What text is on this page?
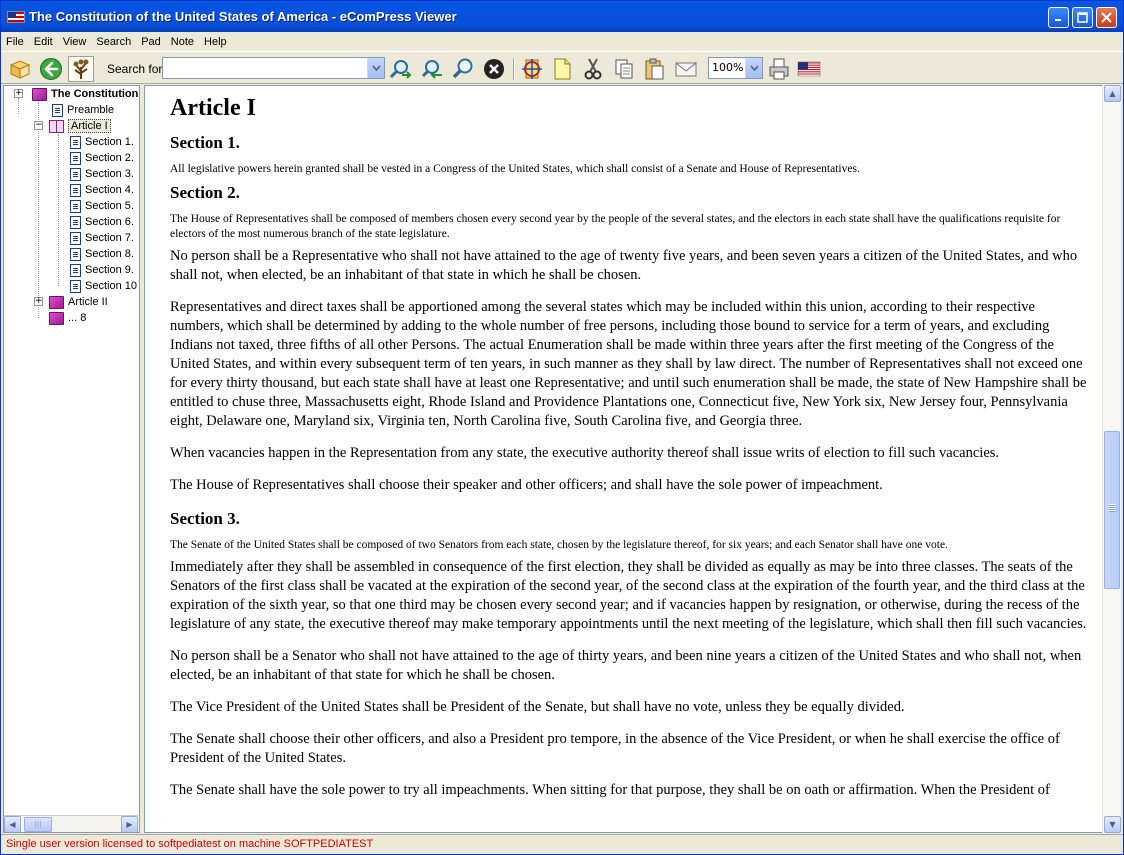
The Constitution of the United States of America - eComPress Viewer
File Edit View Search Pad Note Help
Search for	100%
+	The Constitution
Preamble
−	Article I
Section 1.
Section 2.
Section 3.
Section 4.
Section 5.
Section 6.
Section 7.
Section 8.
Section 9.
Section 10
+ Article II
... 8
◀	|||	▶
Article I
Section 1.

All legislative powers herein granted shall be vested in a Congress of the United States, which shall consist of a Senate and House of Representatives.

Section 2.

The House of Representatives shall be composed of members chosen every second year by the people of the several states, and the electors in each state shall have the qualifications requisite for electors of the most numerous branch of the state legislature.

No person shall be a Representative who shall not have attained to the age of twenty five years, and been seven years a citizen of the United States, and who shall not, when elected, be an inhabitant of that state in which he shall be chosen.

Representatives and direct taxes shall be apportioned among the several states which may be included within this union, according to their respective numbers, which shall be determined by adding to the whole number of free persons, including those bound to service for a term of years, and excluding Indians not taxed, three fifths of all other Persons. The actual Enumeration shall be made within three years after the first meeting of the Congress of the United States, and within every subsequent term of ten years, in such manner as they shall by law direct. The number of Representatives shall not exceed one for every thirty thousand, but each state shall have at least one Representative; and until such enumeration shall be made, the state of New Hampshire shall be entitled to chuse three, Massachusetts eight, Rhode Island and Providence Plantations one, Connecticut five, New York six, New Jersey four, Pennsylvania eight, Delaware one, Maryland six, Virginia ten, North Carolina five, South Carolina five, and Georgia three.

When vacancies happen in the Representation from any state, the executive authority thereof shall issue writs of election to fill such vacancies.

The House of Representatives shall choose their speaker and other officers; and shall have the sole power of impeachment.

Section 3.

The Senate of the United States shall be composed of two Senators from each state, chosen by the legislature thereof, for six years; and each Senator shall have one vote.

Immediately after they shall be assembled in consequence of the first election, they shall be divided as equally as may be into three classes. The seats of the Senators of the first class shall be vacated at the expiration of the second year, of the second class at the expiration of the fourth year, and the third class at the expiration of the sixth year, so that one third may be chosen every second year; and if vacancies happen by resignation, or otherwise, during the recess of the legislature of any state, the executive thereof may make temporary appointments until the next meeting of the legislature, which shall then fill such vacancies.

No person shall be a Senator who shall not have attained to the age of thirty years, and been nine years a citizen of the United States and who shall not, when elected, be an inhabitant of that state for which he shall be chosen.

The Vice President of the United States shall be President of the Senate, but shall have no vote, unless they be equally divided.

The Senate shall choose their other officers, and also a President pro tempore, in the absence of the Vice President, or when he shall exercise the office of President of the United States.

The Senate shall have the sole power to try all impeachments. When sitting for that purpose, they shall be on oath or affirmation. When the President of

▲
▼
Single user version licensed to softpediatest on machine SOFTPEDIATEST
